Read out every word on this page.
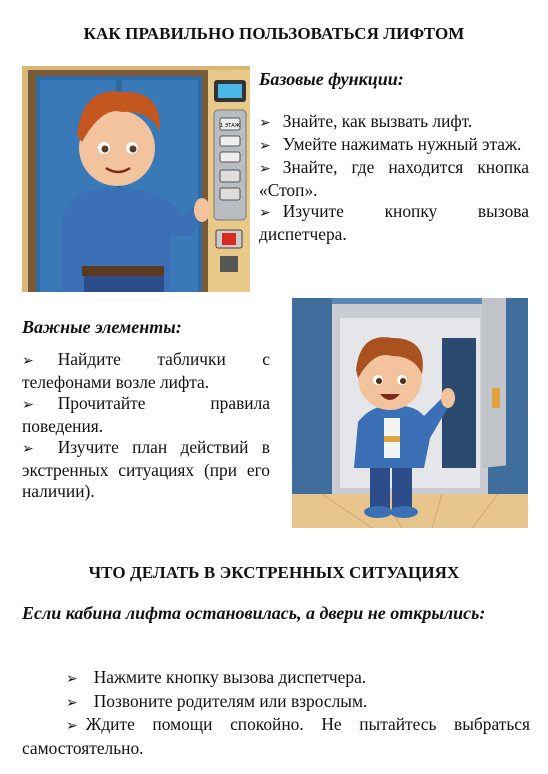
КАК ПРАВИЛЬНО ПОЛЬЗОВАТЬСЯ ЛИФТОМ
1 ЭТАЖ
Базовые функции:
➢ Знайте, как вызвать лифт.
➢ Умейте нажимать нужный этаж.
➢ Знайте, где находится кнопка «Стоп».
➢ Изучите кнопку вызова диспетчера.
Важные элементы:
➢ Найдите таблички с телефонами возле лифта.
➢ Прочитайте правила поведения.
➢ Изучите план действий в экстренных ситуациях (при его наличии).
ЧТО ДЕЛАТЬ В ЭКСТРЕННЫХ СИТУАЦИЯХ
Если кабина лифта остановилась, а двери не открылись:
➢ Нажмите кнопку вызова диспетчера.
➢ Позвоните родителям или взрослым.
➢ Ждите помощи спокойно. Не пытайтесь выбраться самостоятельно.
